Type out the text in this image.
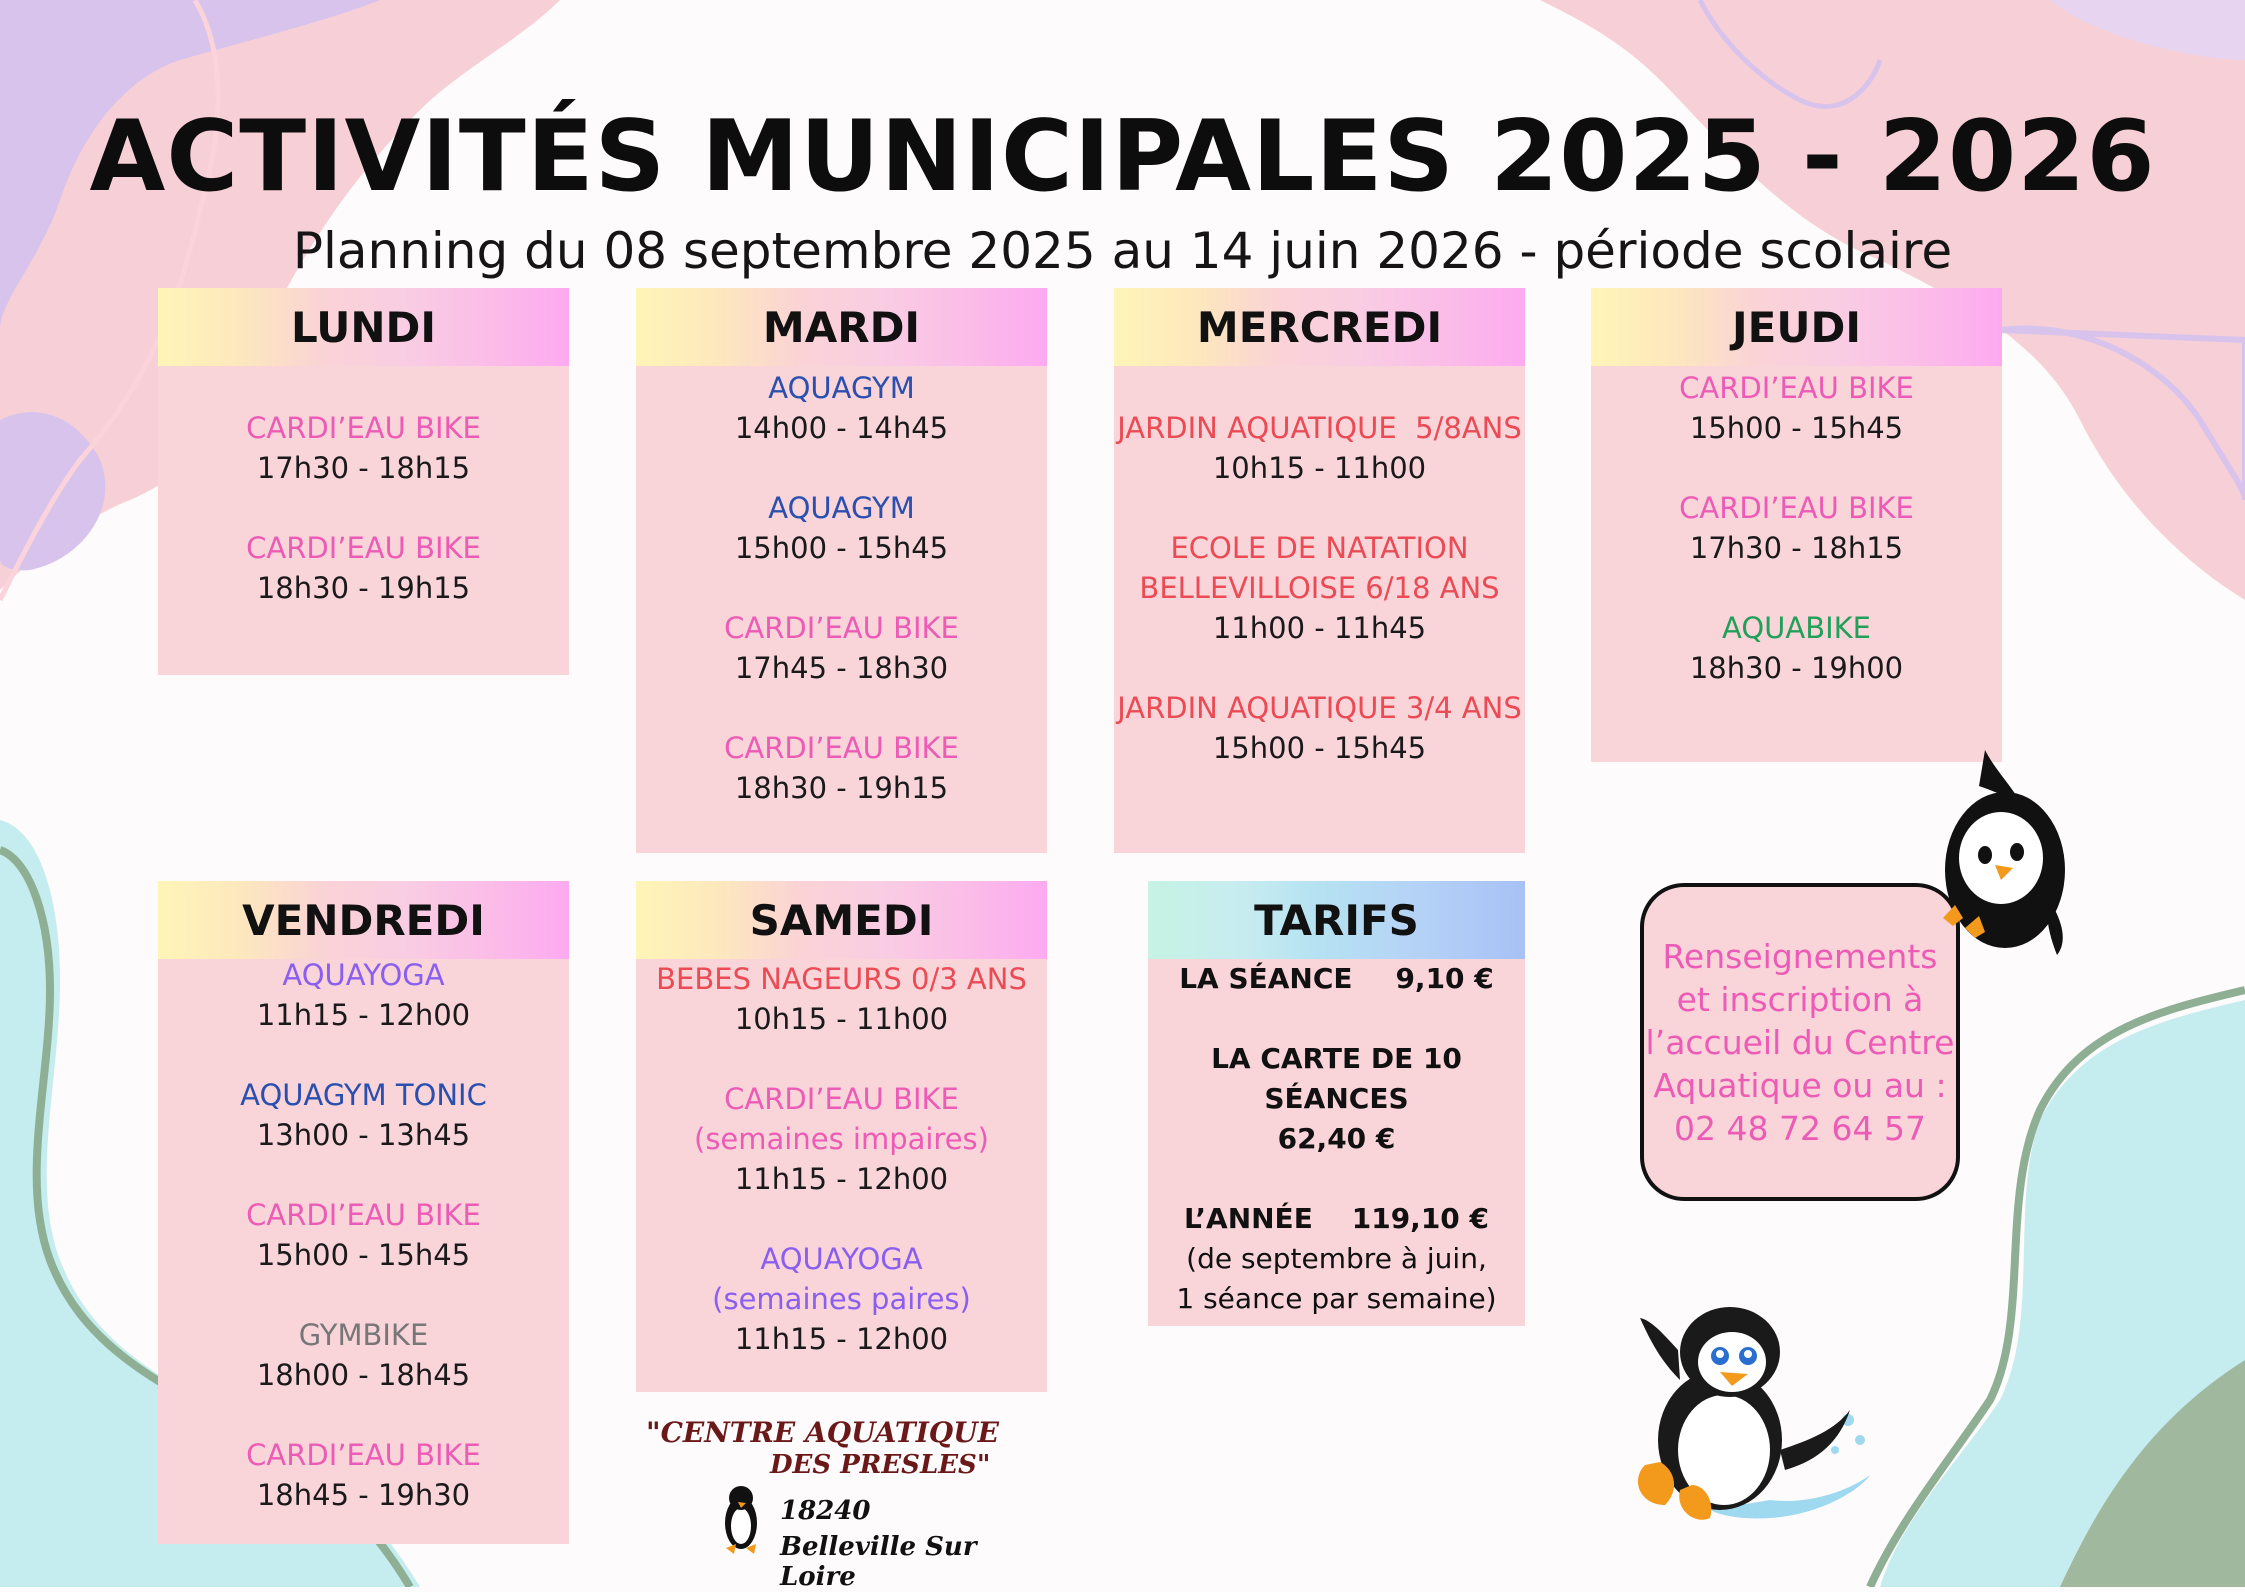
ACTIVITÉS MUNICIPALES 2025 - 2026
Planning du 08 septembre 2025 au 14 juin 2026 - période scolaire
LUNDI
CARDI’EAU BIKE
17h30 - 18h15
CARDI’EAU BIKE
18h30 - 19h15
MARDI
AQUAGYM
14h00 - 14h45
AQUAGYM
15h00 - 15h45
CARDI’EAU BIKE
17h45 - 18h30
CARDI’EAU BIKE
18h30 - 19h15
MERCREDI
JARDIN AQUATIQUE  5/8ANS
10h15 - 11h00
ECOLE DE NATATION
BELLEVILLOISE 6/18 ANS
11h00 - 11h45
JARDIN AQUATIQUE 3/4 ANS
15h00 - 15h45
JEUDI
CARDI’EAU BIKE
15h00 - 15h45
CARDI’EAU BIKE
17h30 - 18h15
AQUABIKE
18h30 - 19h00
VENDREDI
AQUAYOGA
11h15 - 12h00
AQUAGYM TONIC
13h00 - 13h45
CARDI’EAU BIKE
15h00 - 15h45
GYMBIKE
18h00 - 18h45
CARDI’EAU BIKE
18h45 - 19h30
SAMEDI
BEBES NAGEURS 0/3 ANS
10h15 - 11h00
CARDI’EAU BIKE
(semaines impaires)
11h15 - 12h00
AQUAYOGA
(semaines paires)
11h15 - 12h00
TARIFS
LA SÉANCE 9,10 €
LA CARTE DE 10 SÉANCES
62,40 €
L’ANNÉE 119,10 €
(de septembre à juin,
1 séance par semaine)
Renseignements
et inscription à
l’accueil du Centre
Aquatique ou au :
02 48 72 64 57
"CENTRE AQUATIQUE
DES PRESLES"
18240
Belleville Sur Loire
